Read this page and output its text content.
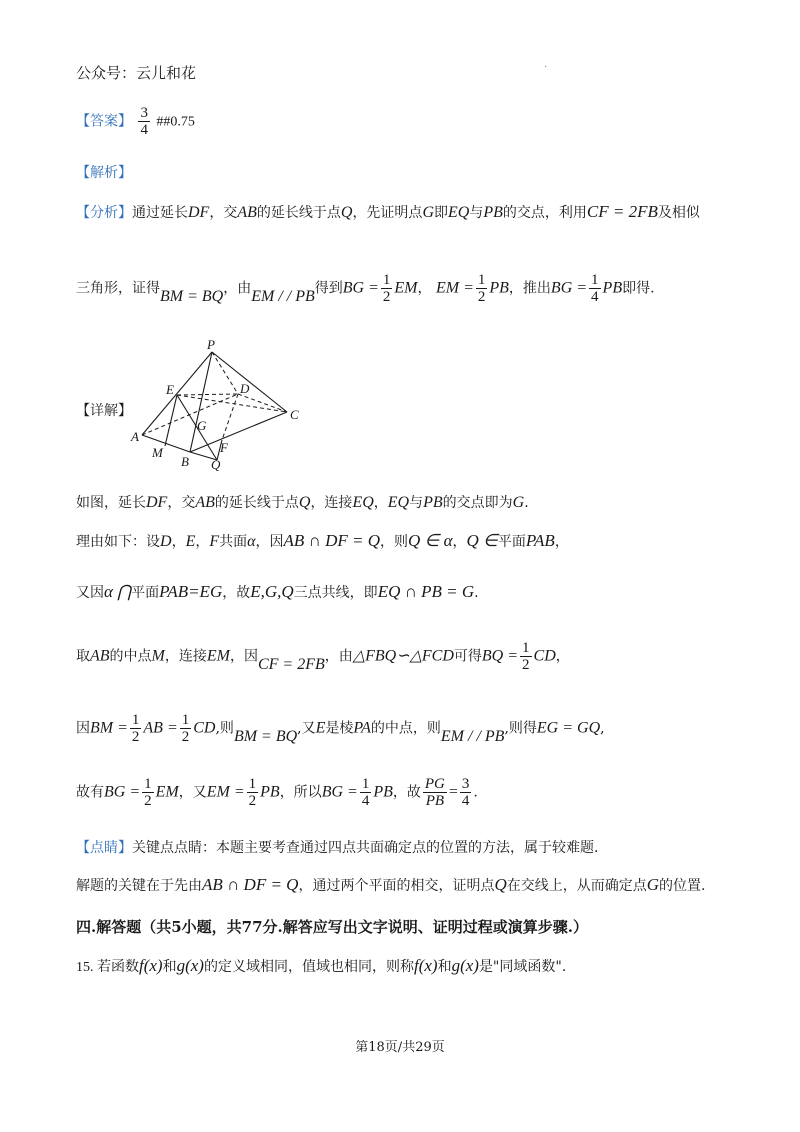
公众号：云儿和花	·
【答案】 $\frac{3}{4}$ ##0.75
【解析】
【分析】通过延长DF，交AB的延长线于点Q，先证明点G即EQ与PB的交点，利用CF = 2FB及相似
三角形，证得BM = BQ，由EM / / PB得到BG = $\frac{1}{2}$ EM， EM = $\frac{1}{2}$ PB，推出BG = $\frac{1}{4}$ PB即得.
【详解】
P
E	D
C
G
A
F
M
B Q
如图，延长DF，交AB的延长线于点Q，连接EQ，EQ与PB的交点即为G.
理由如下：设D，E，F共面α，因AB ∩ DF = Q，则Q ∈ α，Q ∈平面PAB，
又因α ⋂平面PAB=EG，故E,G,Q三点共线，即EQ ∩ PB = G.
取AB的中点M，连接EM，因CF = 2FB，由△FBQ∽△FCD可得BQ = $\frac{1}{2}$ CD，
因BM = $\frac{1}{2}$ AB = $\frac{1}{2}$ CD,则BM = BQ,又E是棱PA的中点，则EM / / PB,则得EG = GQ,
故有BG = $\frac{1}{2}$ EM，又EM = $\frac{1}{2}$ PB，所以BG = $\frac{1}{4}$ PB，故 $\frac{PG}{PB} = \frac{3}{4}$ .
【点睛】关键点点睛：本题主要考查通过四点共面确定点的位置的方法，属于较难题.
解题的关键在于先由AB ∩ DF = Q，通过两个平面的相交，证明点Q在交线上，从而确定点G的位置.
四.解答题（共5小题，共77分.解答应写出文字说明、证明过程或演算步骤.）
15. 若函数f(x)和g(x)的定义域相同，值域也相同，则称f(x)和g(x)是"同域函数".
第18页/共29页
